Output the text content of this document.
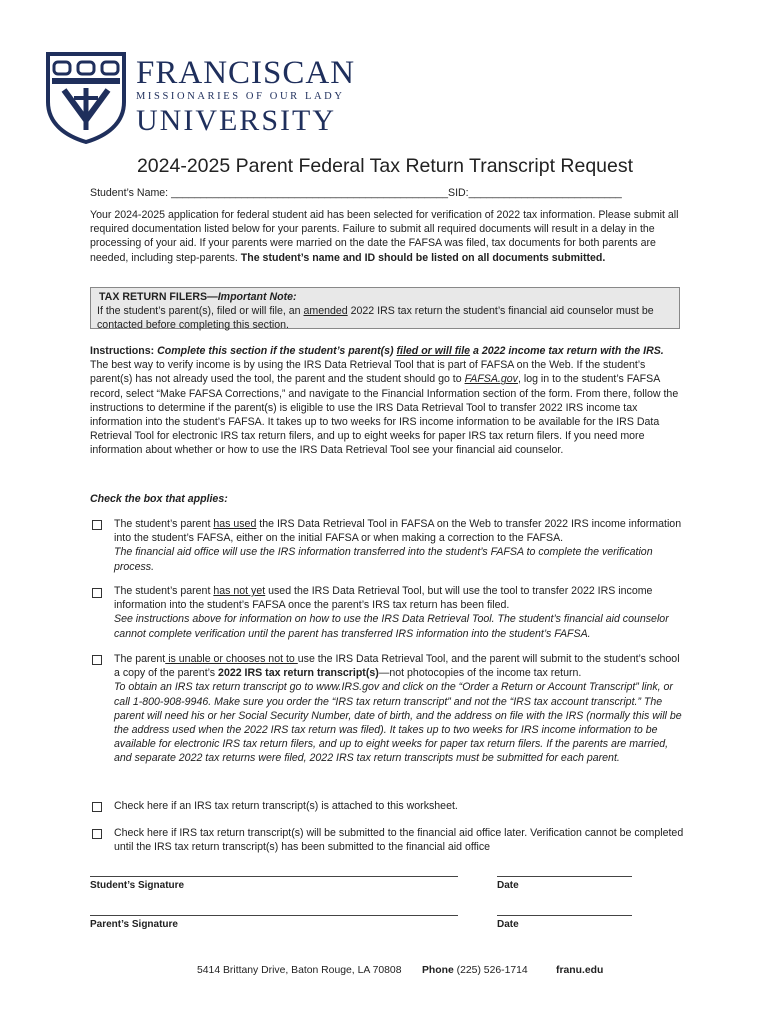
FRANCISCAN
MISSIONARIES OF OUR LADY
UNIVERSITY
2024-2025 Parent Federal Tax Return Transcript Request
Student’s Name: _______________________________________________SID:__________________________
Your 2024-2025 application for federal student aid has been selected for verification of 2022 tax information. Please submit all required documentation listed below for your parents. Failure to submit all required documents will result in a delay in the processing of your aid. If your parents were married on the date the FAFSA was filed, tax documents for both parents are needed, including step-parents. The student’s name and ID should be listed on all documents submitted.
TAX RETURN FILERS—Important Note:
If the student’s parent(s), filed or will file, an amended 2022 IRS tax return the student’s financial aid counselor must be contacted before completing this section.
Instructions: Complete this section if the student’s parent(s) filed or will file a 2022 income tax return with the IRS.
The best way to verify income is by using the IRS Data Retrieval Tool that is part of FAFSA on the Web. If the student’s parent(s) has not already used the tool, the parent and the student should go to FAFSA.gov, log in to the student’s FAFSA record, select “Make FAFSA Corrections,” and navigate to the Financial Information section of the form. From there, follow the instructions to determine if the parent(s) is eligible to use the IRS Data Retrieval Tool to transfer 2022 IRS income tax information into the student’s FAFSA. It takes up to two weeks for IRS income information to be available for the IRS Data Retrieval Tool for electronic IRS tax return filers, and up to eight weeks for paper IRS tax return filers. If you need more information about whether or how to use the IRS Data Retrieval Tool see your financial aid counselor.
Check the box that applies:
The student’s parent has used the IRS Data Retrieval Tool in FAFSA on the Web to transfer 2022 IRS income information into the student’s FAFSA, either on the initial FAFSA or when making a correction to the FAFSA.
The financial aid office will use the IRS information transferred into the student’s FAFSA to complete the verification process.
The student’s parent has not yet used the IRS Data Retrieval Tool, but will use the tool to transfer 2022 IRS income information into the student’s FAFSA once the parent’s IRS tax return has been filed.
See instructions above for information on how to use the IRS Data Retrieval Tool. The student’s financial aid counselor cannot complete verification until the parent has transferred IRS information into the student’s FAFSA.
The parent is unable or chooses not to use the IRS Data Retrieval Tool, and the parent will submit to the student’s school a copy of the parent’s 2022 IRS tax return transcript(s)—not photocopies of the income tax return.
To obtain an IRS tax return transcript go to www.IRS.gov and click on the “Order a Return or Account Transcript” link, or call 1-800-908-9946. Make sure you order the “IRS tax return transcript” and not the “IRS tax account transcript.” The parent will need his or her Social Security Number, date of birth, and the address on file with the IRS (normally this will be the address used when the 2022 IRS tax return was filed). It takes up to two weeks for IRS income information to be available for electronic IRS tax return filers, and up to eight weeks for paper tax return filers. If the parents are married, and separate 2022 tax returns were filed, 2022 IRS tax return transcripts must be submitted for each parent.
Check here if an IRS tax return transcript(s) is attached to this worksheet.
Check here if IRS tax return transcript(s) will be submitted to the financial aid office later. Verification cannot be completed until the IRS tax return transcript(s) has been submitted to the financial aid office
Student’s Signature	Date
Parent’s Signature	Date
5414 Brittany Drive, Baton Rouge, LA 70808 Phone (225) 526-1714	franu.edu
